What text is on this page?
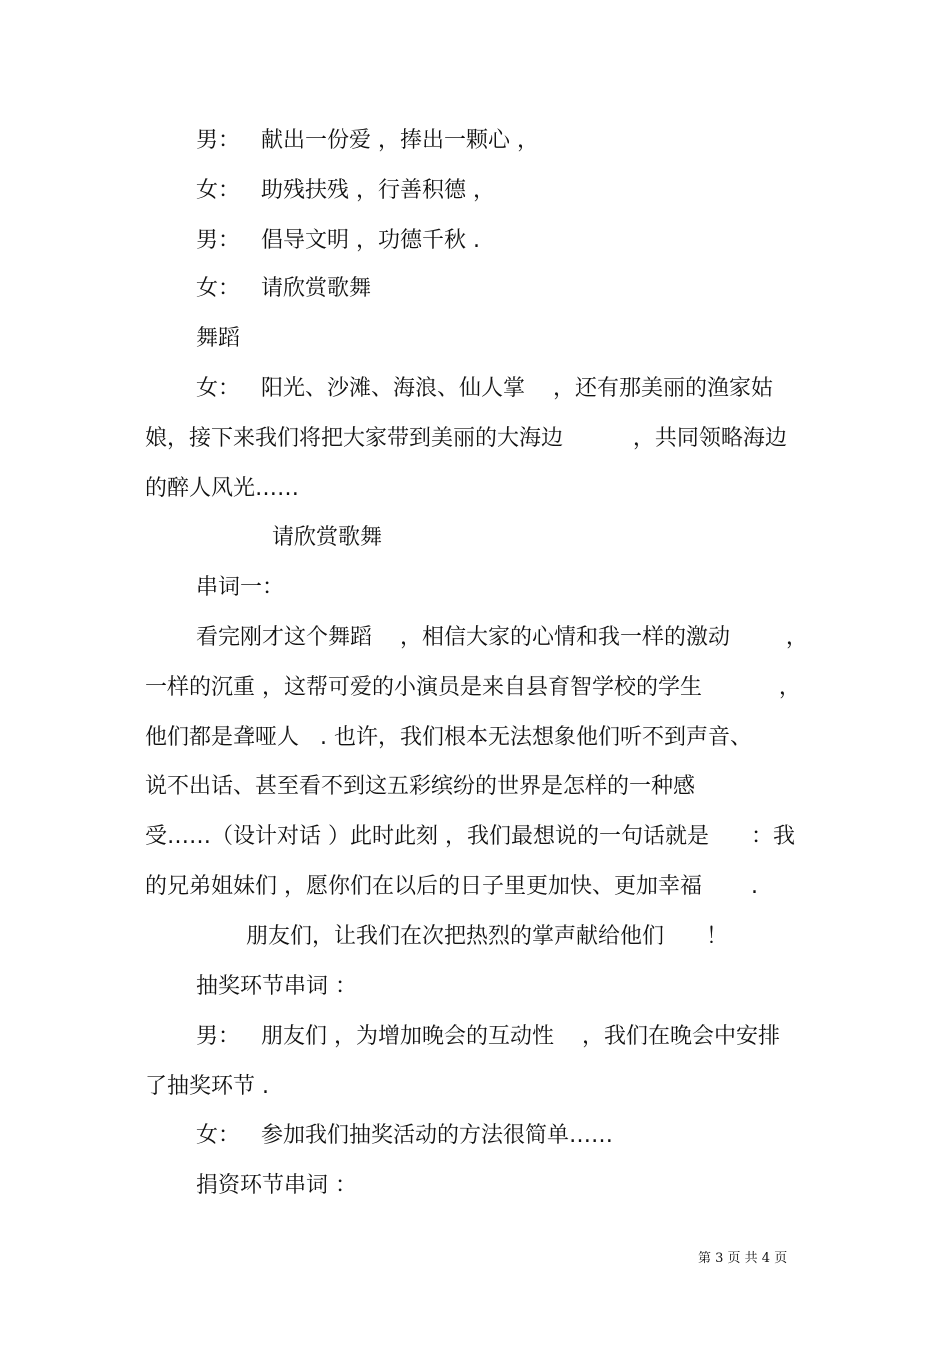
男：   献出一份爱 ，捧出一颗心 ，
女：   助残扶残 ，行善积德 ，
男：   倡导文明 ，功德千秋 .
女：   请欣赏歌舞
舞蹈
女：   阳光、沙滩、海浪、仙人掌    ，还有那美丽的渔家姑
娘，接下来我们将把大家带到美丽的大海边          ，共同领略海边
的醉人风光……
请欣赏歌舞
串词一：
看完刚才这个舞蹈    ，相信大家的心情和我一样的激动        ，
一样的沉重 ，这帮可爱的小演员是来自县育智学校的学生           ，
他们都是聋哑人   . 也许，我们根本无法想象他们听不到声音、
说不出话、甚至看不到这五彩缤纷的世界是怎样的一种感
受……（设计对话 ）此时此刻 ，我们最想说的一句话就是      ：我
的兄弟姐妹们 ，愿你们在以后的日子里更加快、更加幸福       .
朋友们，让我们在次把热烈的掌声献给他们      ！
抽奖环节串词 ：
男：   朋友们 ，为增加晚会的互动性    ，我们在晚会中安排
了抽奖环节 .
女：   参加我们抽奖活动的方法很简单……
捐资环节串词 ：
第 3 页 共 4 页
